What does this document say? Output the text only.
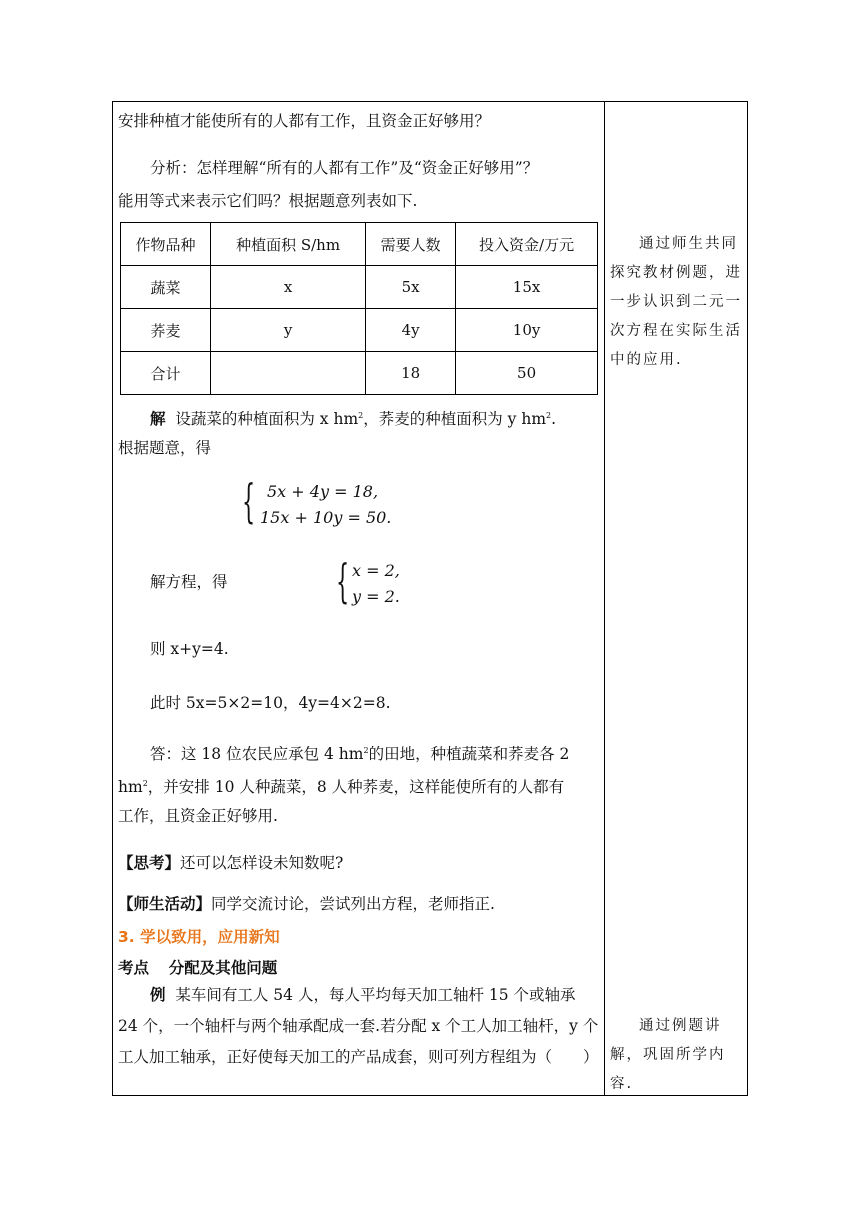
安排种植才能使所有的人都有工作，且资金正好够用？
分析：怎样理解“所有的人都有工作”及“资金正好够用”？
能用等式来表示它们吗？根据题意列表如下.
作物品种	种植面积 S/hm	需要人数	投入资金/万元
蔬菜	x	5x	15x
荞麦	y	4y	10y
合计		18	50
解 设蔬菜的种植面积为 x $hm^2$，荞麦的种植面积为 y $hm^2$.
根据题意，得
{ 5x + 4y = 18,
15x + 10y = 50.
解方程，得 { x = 2,
y = 2.
则 x+y=4.
此时 5x=5×2=10，4y=4×2=8.
答：这 18 位农民应承包 4 $hm^2$的田地，种植蔬菜和荞麦各 2
$hm^2$，并安排 10 人种蔬菜，8 人种荞麦，这样能使所有的人都有
工作，且资金正好够用.
【思考】还可以怎样设未知数呢?
【师生活动】同学交流讨论，尝试列出方程，老师指正.
3. 学以致用，应用新知
考点 分配及其他问题
例 某车间有工人 54 人，每人平均每天加工轴杆 15 个或轴承 24 个，一个轴杆与两个轴承配成一套.若分配 x 个工人加工轴杆，y 个工人加工轴承，正好使每天加工的产品成套，则可列方程组为（　　）
通过师生共同探究教材例题，进一步认识到二元一次方程在实际生活中的应用.
通过例题讲解，巩固所学内容.
